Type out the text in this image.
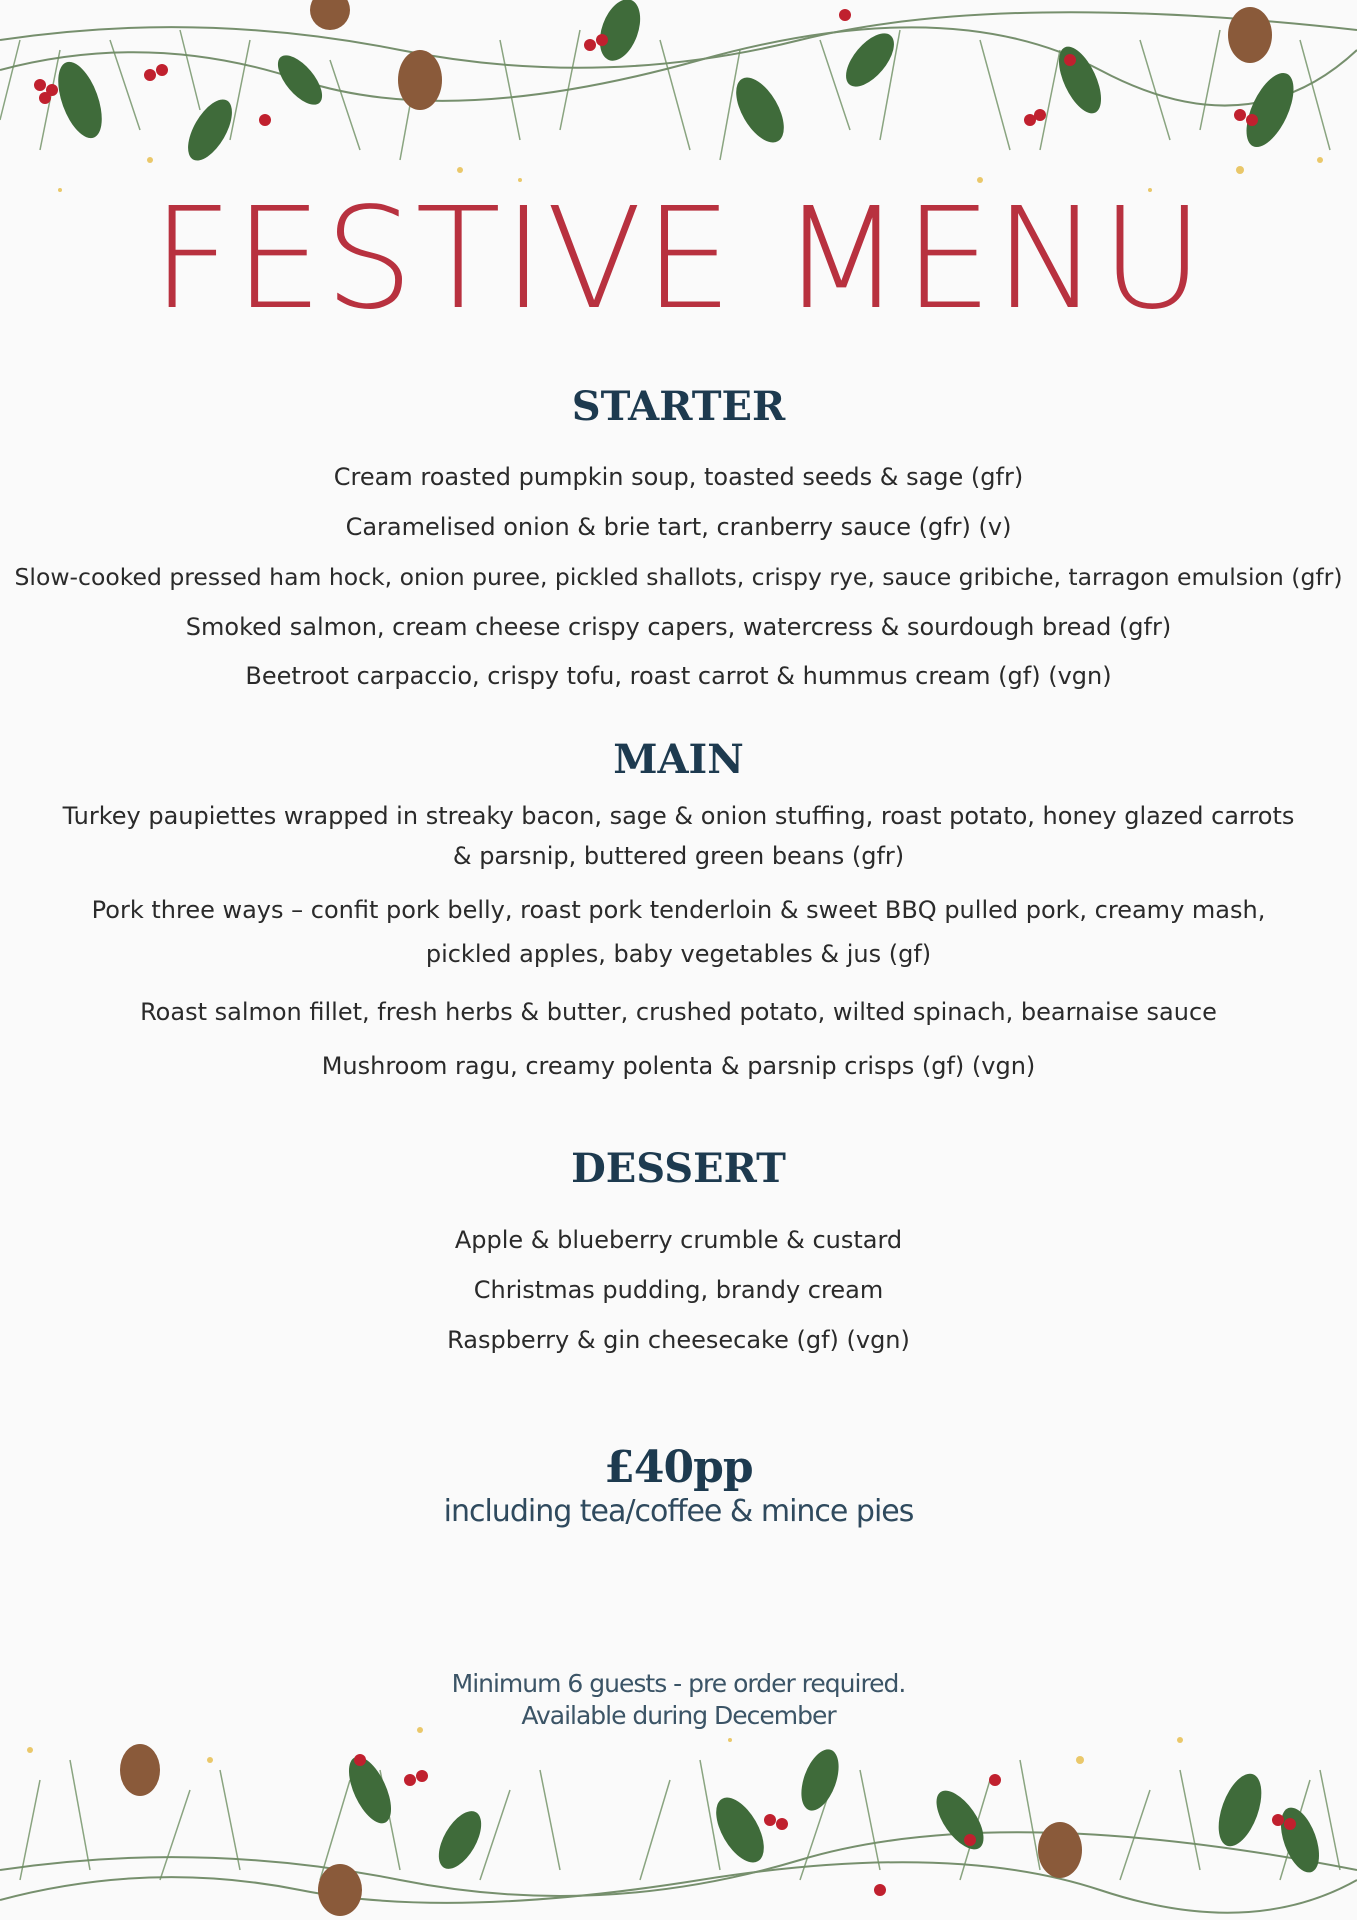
FESTIVE MENU
STARTER

Cream roasted pumpkin soup, toasted seeds & sage (gfr)

Caramelised onion & brie tart, cranberry sauce (gfr) (v)

Slow-cooked pressed ham hock, onion puree, pickled shallots, crispy rye, sauce gribiche, tarragon emulsion (gfr)

Smoked salmon, cream cheese crispy capers, watercress & sourdough bread (gfr)

Beetroot carpaccio, crispy tofu, roast carrot & hummus cream (gf) (vgn)

MAIN

Turkey paupiettes wrapped in streaky bacon, sage & onion stuffing, roast potato, honey glazed carrots & parsnip, buttered green beans (gfr)

Pork three ways – confit pork belly, roast pork tenderloin & sweet BBQ pulled pork, creamy mash, pickled apples, baby vegetables & jus (gf)

Roast salmon fillet, fresh herbs & butter, crushed potato, wilted spinach, bearnaise sauce

Mushroom ragu, creamy polenta & parsnip crisps (gf) (vgn)

DESSERT

Apple & blueberry crumble & custard

Christmas pudding, brandy cream

Raspberry & gin cheesecake (gf) (vgn)

£40pp

including tea/coffee & mince pies

Minimum 6 guests - pre order required.

Available during December
